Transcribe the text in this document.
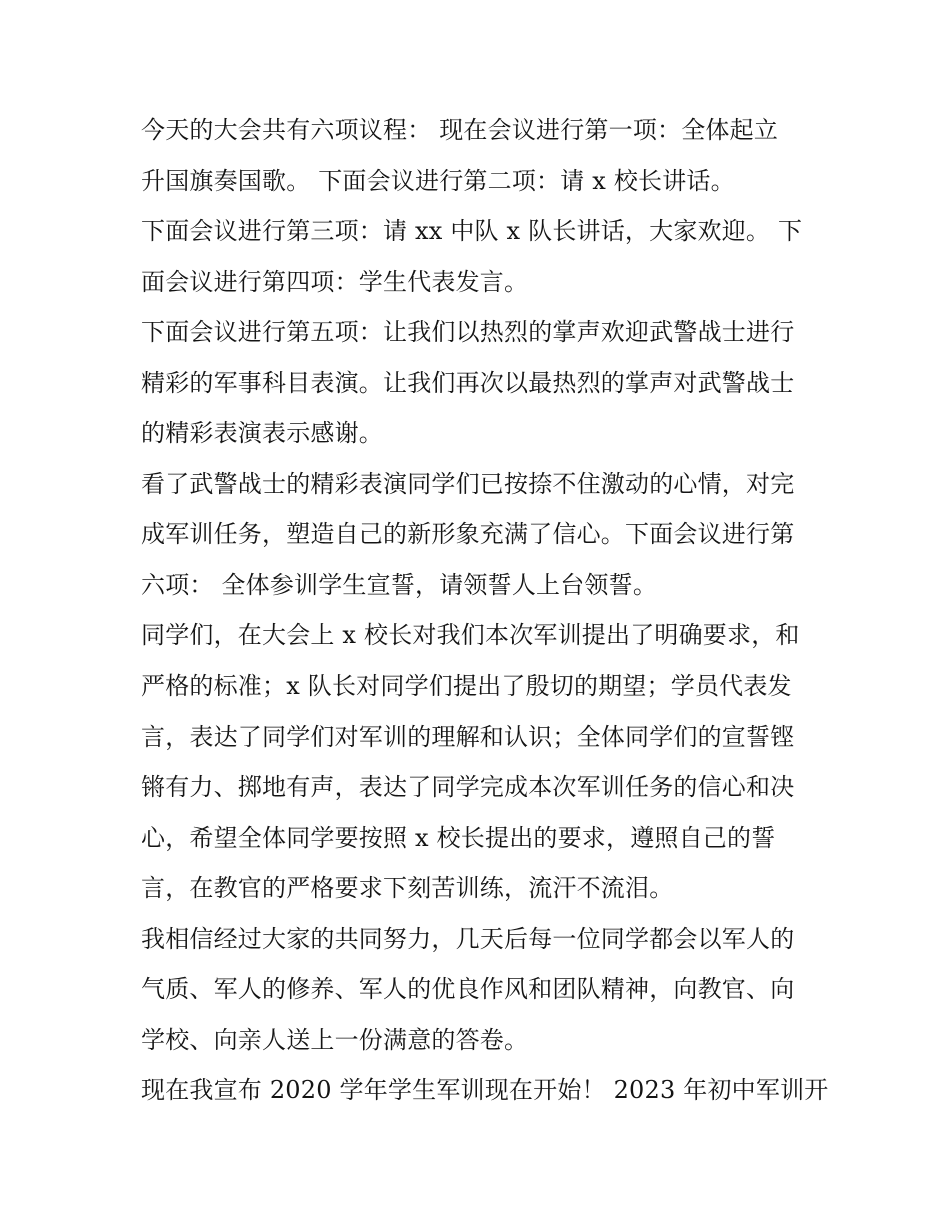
今天的大会共有六项议程： 现在会议进行第一项：全体起立
升国旗奏国歌。 下面会议进行第二项：请 x 校长讲话。
下面会议进行第三项：请 xx 中队 x 队长讲话，大家欢迎。 下
面会议进行第四项：学生代表发言。
下面会议进行第五项：让我们以热烈的掌声欢迎武警战士进行
精彩的军事科目表演。让我们再次以最热烈的掌声对武警战士
的精彩表演表示感谢。
看了武警战士的精彩表演同学们已按捺不住激动的心情，对完
成军训任务，塑造自己的新形象充满了信心。下面会议进行第
六项： 全体参训学生宣誓，请领誓人上台领誓。
同学们，在大会上 x 校长对我们本次军训提出了明确要求，和
严格的标准；x 队长对同学们提出了殷切的期望；学员代表发
言，表达了同学们对军训的理解和认识；全体同学们的宣誓铿
锵有力、掷地有声，表达了同学完成本次军训任务的信心和决
心，希望全体同学要按照 x 校长提出的要求，遵照自己的誓
言，在教官的严格要求下刻苦训练，流汗不流泪。
我相信经过大家的共同努力，几天后每一位同学都会以军人的
气质、军人的修养、军人的优良作风和团队精神，向教官、向
学校、向亲人送上一份满意的答卷。
现在我宣布 2020 学年学生军训现在开始！ 2023 年初中军训开
